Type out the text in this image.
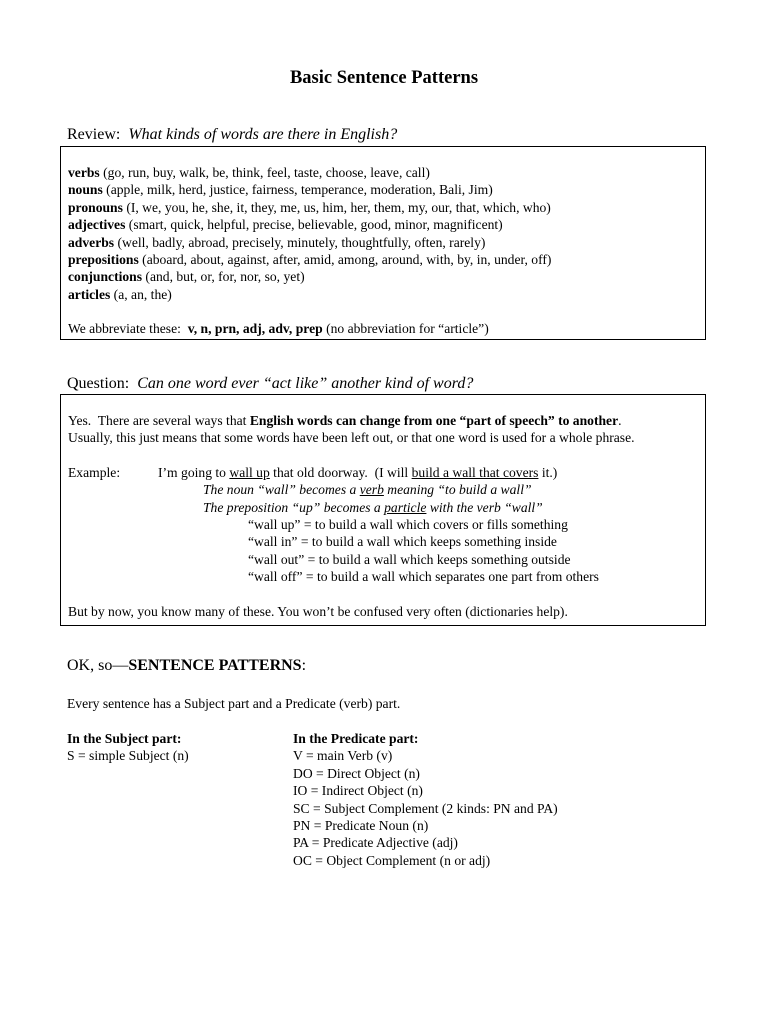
Basic Sentence Patterns
Review: What kinds of words are there in English?
verbs (go, run, buy, walk, be, think, feel, taste, choose, leave, call)
nouns (apple, milk, herd, justice, fairness, temperance, moderation, Bali, Jim)
pronouns (I, we, you, he, she, it, they, me, us, him, her, them, my, our, that, which, who)
adjectives (smart, quick, helpful, precise, believable, good, minor, magnificent)
adverbs (well, badly, abroad, precisely, minutely, thoughtfully, often, rarely)
prepositions (aboard, about, against, after, amid, among, around, with, by, in, under, off)
conjunctions (and, but, or, for, nor, so, yet)
articles (a, an, the)
We abbreviate these:  v, n, prn, adj, adv, prep (no abbreviation for “article”)
Question: Can one word ever “act like” another kind of word?
Yes.  There are several ways that English words can change from one “part of speech” to another.
Usually, this just means that some words have been left out, or that one word is used for a whole phrase.
Example:	I’m going to wall up that old doorway.  (I will build a wall that covers it.)
The noun “wall” becomes a verb meaning “to build a wall”
The preposition “up” becomes a particle with the verb “wall”
“wall up” = to build a wall which covers or fills something
“wall in” = to build a wall which keeps something inside
“wall out” = to build a wall which keeps something outside
“wall off” = to build a wall which separates one part from others
But by now, you know many of these. You won’t be confused very often (dictionaries help).
OK, so—SENTENCE PATTERNS:
Every sentence has a Subject part and a Predicate (verb) part.
In the Subject part:
S = simple Subject (n)
In the Predicate part:
V = main Verb (v)
DO = Direct Object (n)
IO = Indirect Object (n)
SC = Subject Complement (2 kinds: PN and PA)
PN = Predicate Noun (n)
PA = Predicate Adjective (adj)
OC = Object Complement (n or adj)
